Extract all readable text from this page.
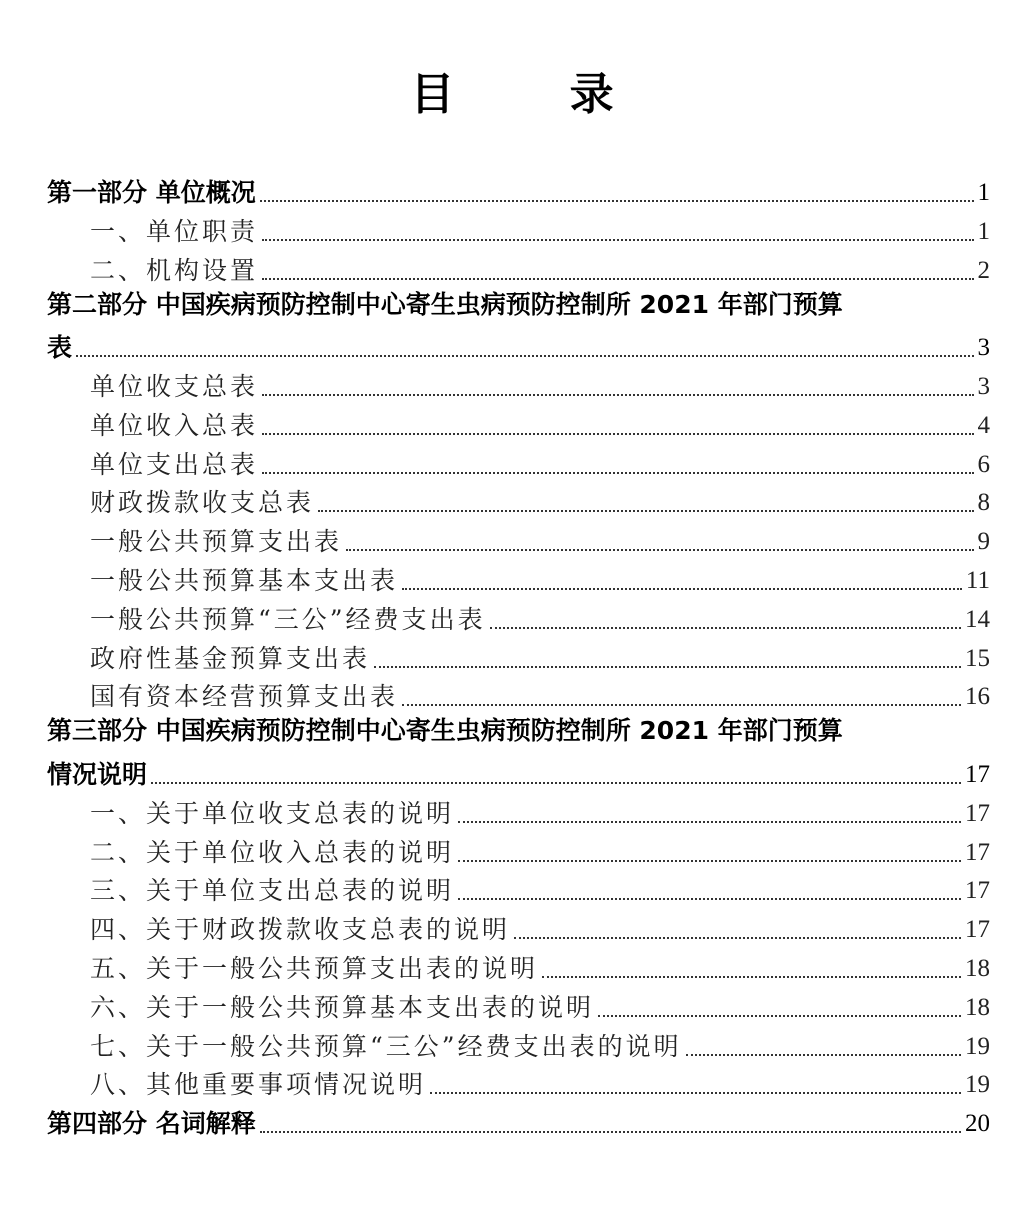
目 录
第一部分 单位概况	1
一、单位职责	1
二、机构设置	2
第二部分 中国疾病预防控制中心寄生虫病预防控制所 2021 年部门预算
表	3
单位收支总表	3
单位收入总表	4
单位支出总表	6
财政拨款收支总表	8
一般公共预算支出表	9
一般公共预算基本支出表	11
一般公共预算“三公”经费支出表	14
政府性基金预算支出表	15
国有资本经营预算支出表	16
第三部分 中国疾病预防控制中心寄生虫病预防控制所 2021 年部门预算
情况说明	17
一、关于单位收支总表的说明	17
二、关于单位收入总表的说明	17
三、关于单位支出总表的说明	17
四、关于财政拨款收支总表的说明	17
五、关于一般公共预算支出表的说明	18
六、关于一般公共预算基本支出表的说明	18
七、关于一般公共预算“三公”经费支出表的说明	19
八、其他重要事项情况说明	19
第四部分 名词解释	20
